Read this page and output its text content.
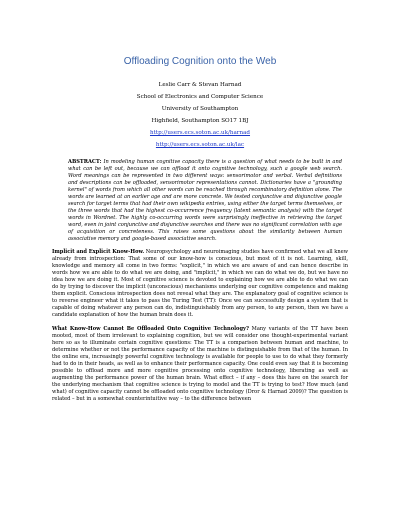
Offloading Cognition onto the Web
Leslie Carr & Stevan Harnad
School of Electronics and Computer Science
University of Southampton
Highfield, Southampton SO17 1BJ
http://users.ecs.soton.ac.uk/harnad
http://users.ecs.soton.ac.uk/lac
ABSTRACT: In modeling human cognitive capacity there is a question of what needs to be built in and what can be left out, because we can offload it onto cognitive technology, such a google web search. Word meanings can be represented in two different ways: sensorimotor and verbal. Verbal definitions and descriptions can be offloaded, sensorimotor representations cannot. Dictionaries have a "grounding kernel" of words from which all other words can be reached through recombinatory definition alone. The words are learned at an earlier age and are more concrete. We tested conjunctive and disjunctive google search for target terms that had their own wikipedia entries, using either the target terms themselves, or the three words that had the highest co-occurrence frequency (latent semantic analysis) with the target words in Wordnet. The highly co-occurring words were surprisingly ineffective in retrieving the target word, even in joint conjunctive and disjunctive searches and there was no significant correlation with age of acquisition or concreteness. This raises some questions about the similarity between human associative memory and google-based associative search.
Implicit and Explicit Know-How. Neuropsychology and neuroimaging studies have confirmed what we all knew already from introspection: That some of our know-how is conscious, but most of it is not. Learning, skill, knowledge and memory all come in two forms: "explicit," in which we are aware of and can hence describe in words how we are able to do what we are doing, and "implicit," in which we can do what we do, but we have no idea how we are doing it. Most of cognitive science is devoted to explaining how we are able to do what we can do by trying to discover the implicit (unconscious) mechanisms underlying our cognitive competence and making them explicit. Conscious introspection does not reveal what they are. The explanatory goal of cognitive science is to reverse engineer what it takes to pass the Turing Test (TT): Once we can successfully design a system that is capable of doing whatever any person can do, indistinguishably from any person, to any person, then we have a candidate explanation of how the human brain does it.
What Know-How Cannot Be Offloaded Onto Cognitive Technology? Many variants of the TT have been mooted, most of them irrelevant to explaining cognition, but we will consider one thought-experimental variant here so as to illuminate certain cognitive questions: The TT is a comparison between human and machine, to determine whether or not the performance capacity of the machine is distinguishable from that of the human. In the online era, increasingly powerful cognitive technology is available for people to use to do what they formerly had to do in their heads, as well as to enhance their performance capacity. One could even say that it is becoming possible to offload more and more cognitive processing onto cognitive technology, liberating as well as augmenting the performance power of the human brain. What effect – if any – does this have on the search for the underlying mechanism that cognitive science is trying to model and the TT is trying to test? How much (and what) of cognitive capacity cannot be offloaded onto cognitive technology (Dror & Harnad 2009)? The question is related – but in a somewhat counterintuitive way – to the difference between
